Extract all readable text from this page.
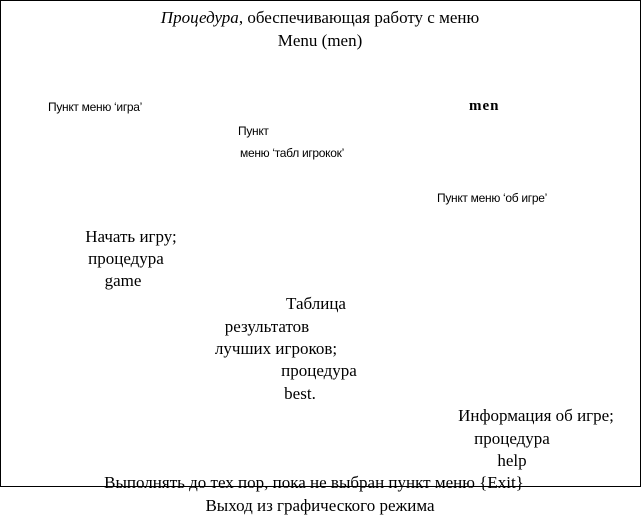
Процедура, обеспечивающая работу с меню
Menu (men)
men
Пункт меню ‘игра’
Пункт
меню ‘табл игрокок’
Пункт меню ‘об игре’
Начать игру;
процедура
game
Таблица
результатов
лучших игроков;
процедура
best.
Информация об игре;
процедура
help
Выполнять до тех пор, пока не выбран пункт меню {Exit}
Выход из графического режима
